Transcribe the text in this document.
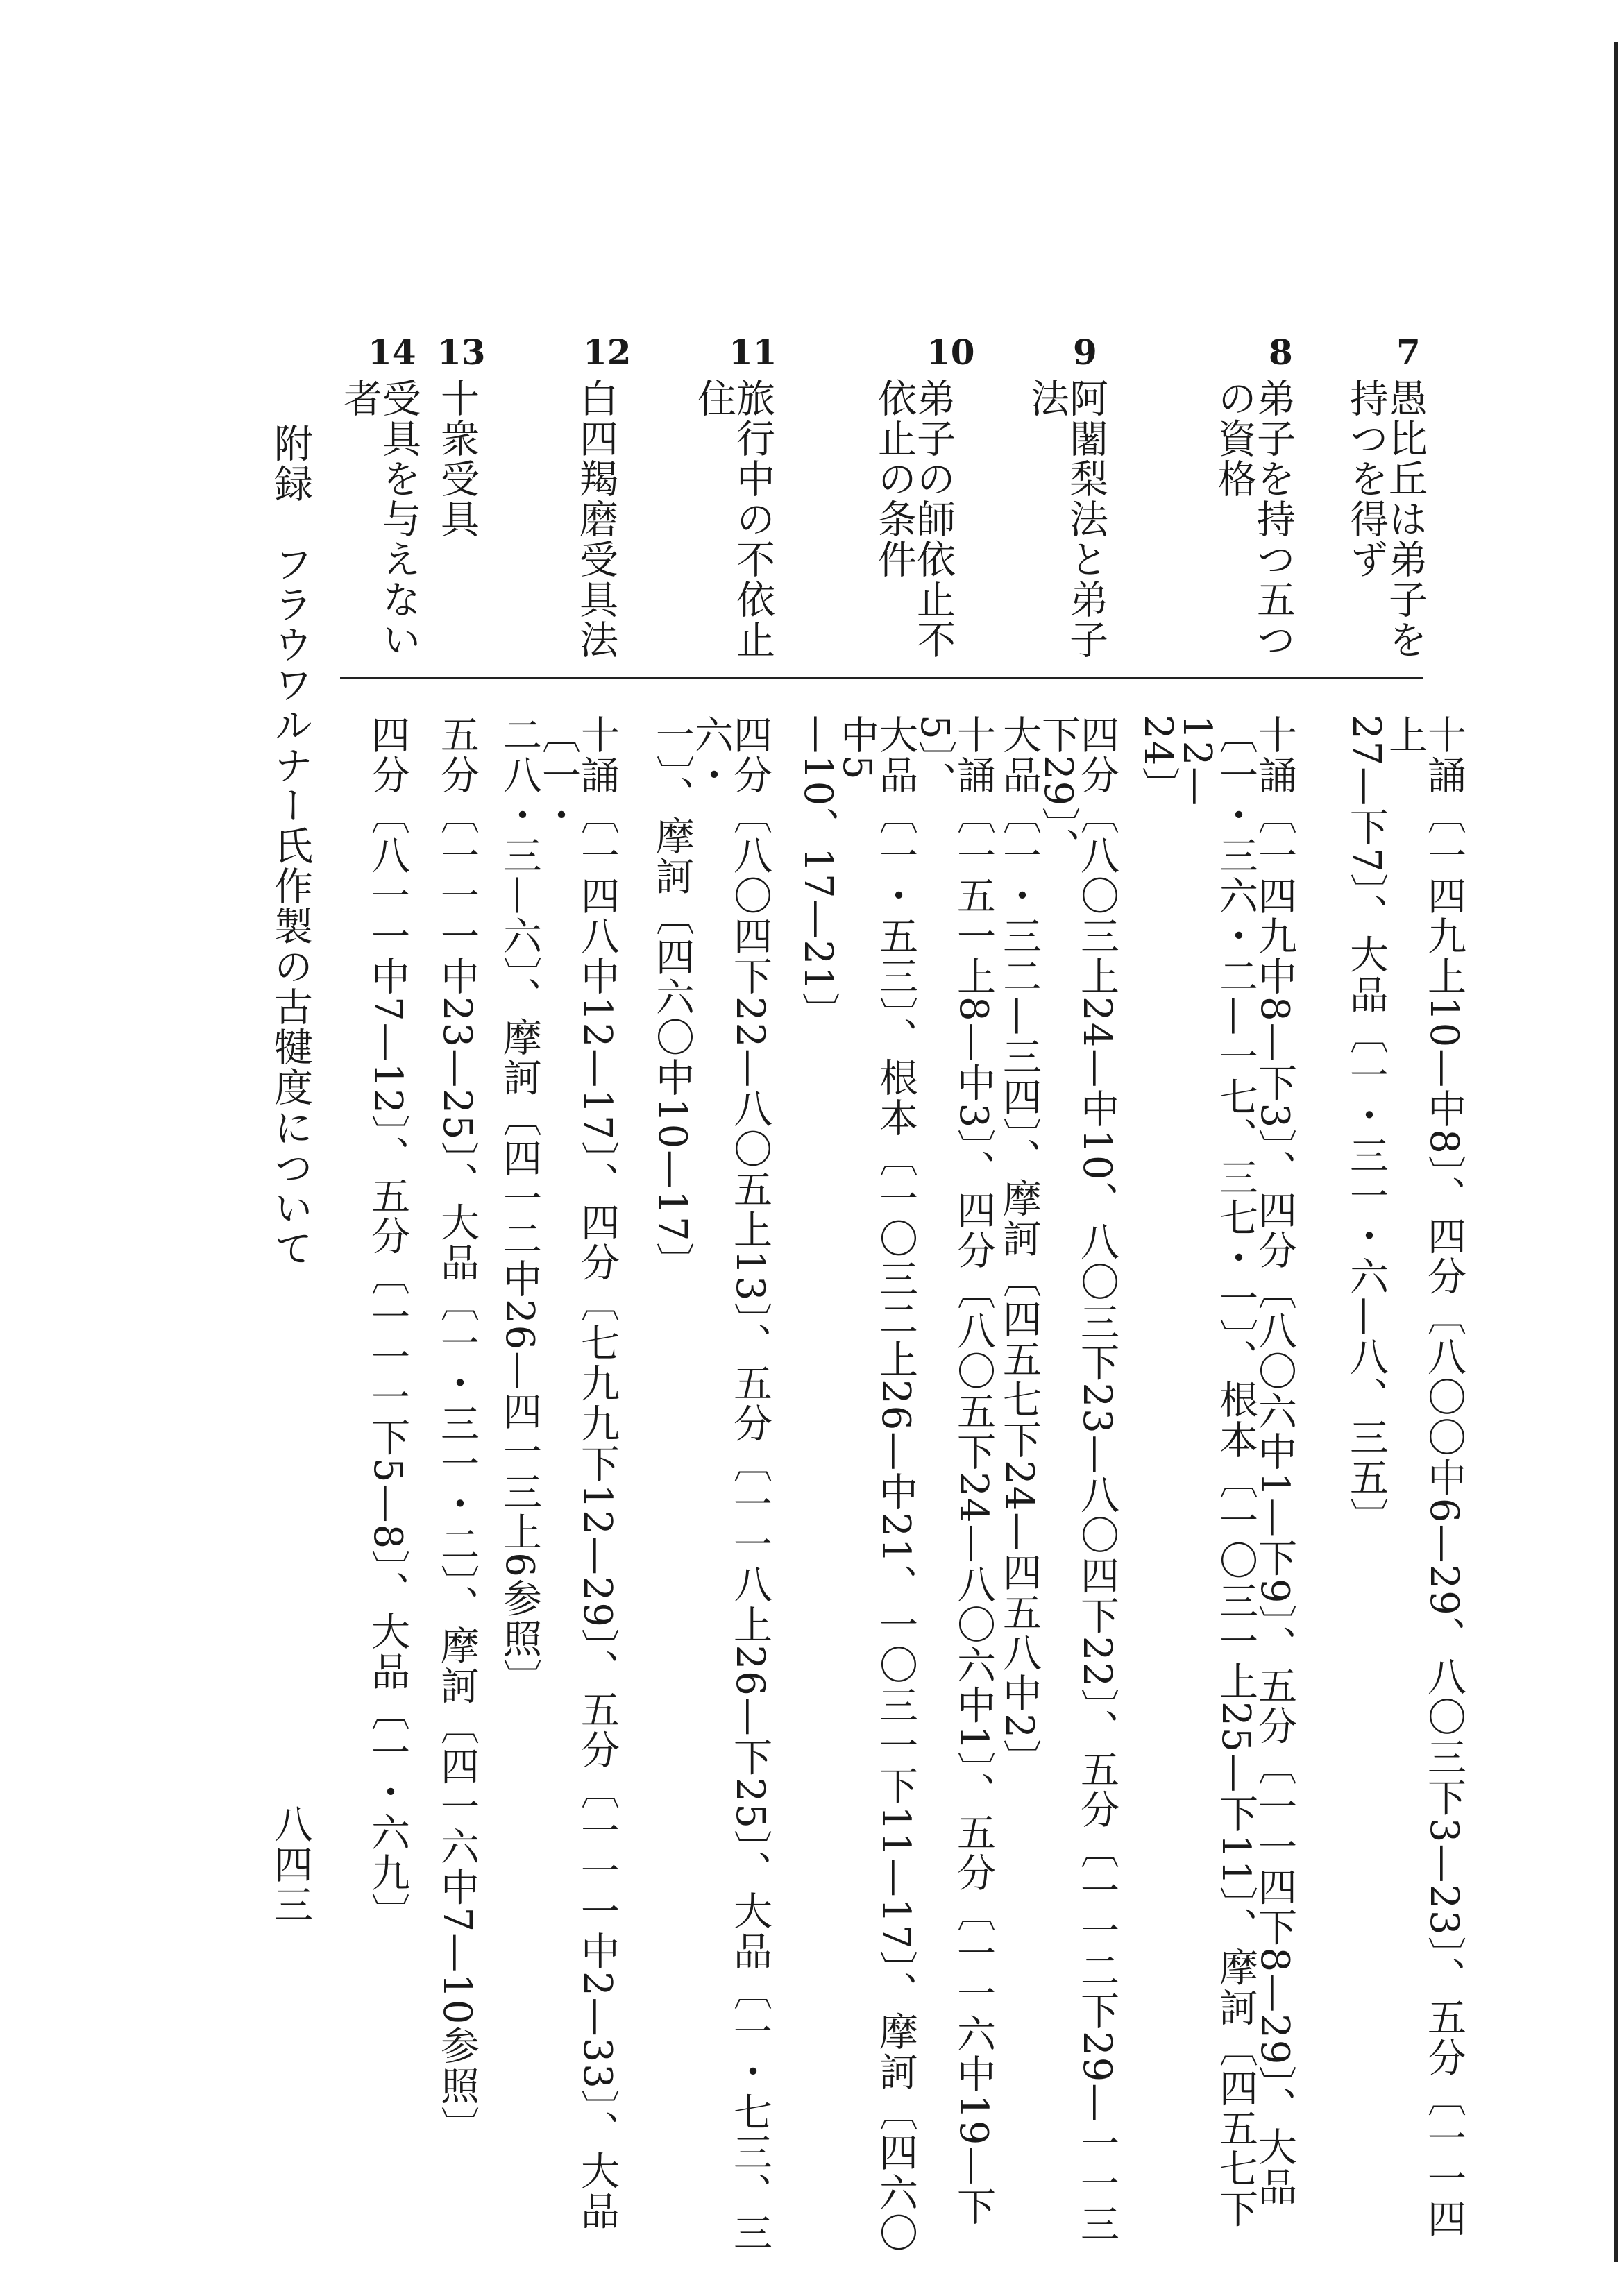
7
愚比丘は弟子を
持つを得ず
十誦〔一四九上10—中8〕、四分〔八〇〇中6—29、八〇三下3—23〕、五分〔一一四上
27—下7〕、大品〔一・三一・六—八、三五〕
8
弟子を持つ五つ
の資格
十誦〔一四九中8—下3〕、四分〔八〇六中1—下9〕、五分〔一一四下8—29〕、大品
〔一・三六・二—一七、三七・一〕、根本〔一〇三一上25—下11〕、摩訶〔四五七下12—
24〕
9
阿闍梨法と弟子
法
四分〔八〇三上24—中10、八〇三下23—八〇四下22〕、五分〔一一二下29—一一三下29〕、
大品〔一・三二—三四〕、摩訶〔四五七下24—四五八中2〕
10
弟子の師依止不
依止の条件
十誦〔一五一上8—中3〕、四分〔八〇五下24—八〇六中1〕、五分〔一一六中19—下5〕、
大品〔一・五三〕、根本〔一〇三二上26—中21、一〇三一下11—17〕、摩訶〔四六〇中5
—10、17—21〕
11
旅行中の不依止
住
四分〔八〇四下22—八〇五上13〕、五分〔一一八上26—下25〕、大品〔一・七三、三六・
一〕、摩訶〔四六〇中10—17〕
12
白四羯磨受具法
十誦〔一四八中12—17〕、四分〔七九九下12—29〕、五分〔一一一中2—33〕、大品〔一・
二八・三—六〕、摩訶〔四一二中26—四一三上6参照〕
13
十衆受具
五分〔一一一中23—25〕、大品〔一・三一・二〕、摩訶〔四一六中7—10参照〕
14
受具を与えない
者
四分〔八一一中7—12〕、五分〔一一一下5—8〕、大品〔一・六九〕
附録　フラウワルナー氏作製の古犍度について
八四三
